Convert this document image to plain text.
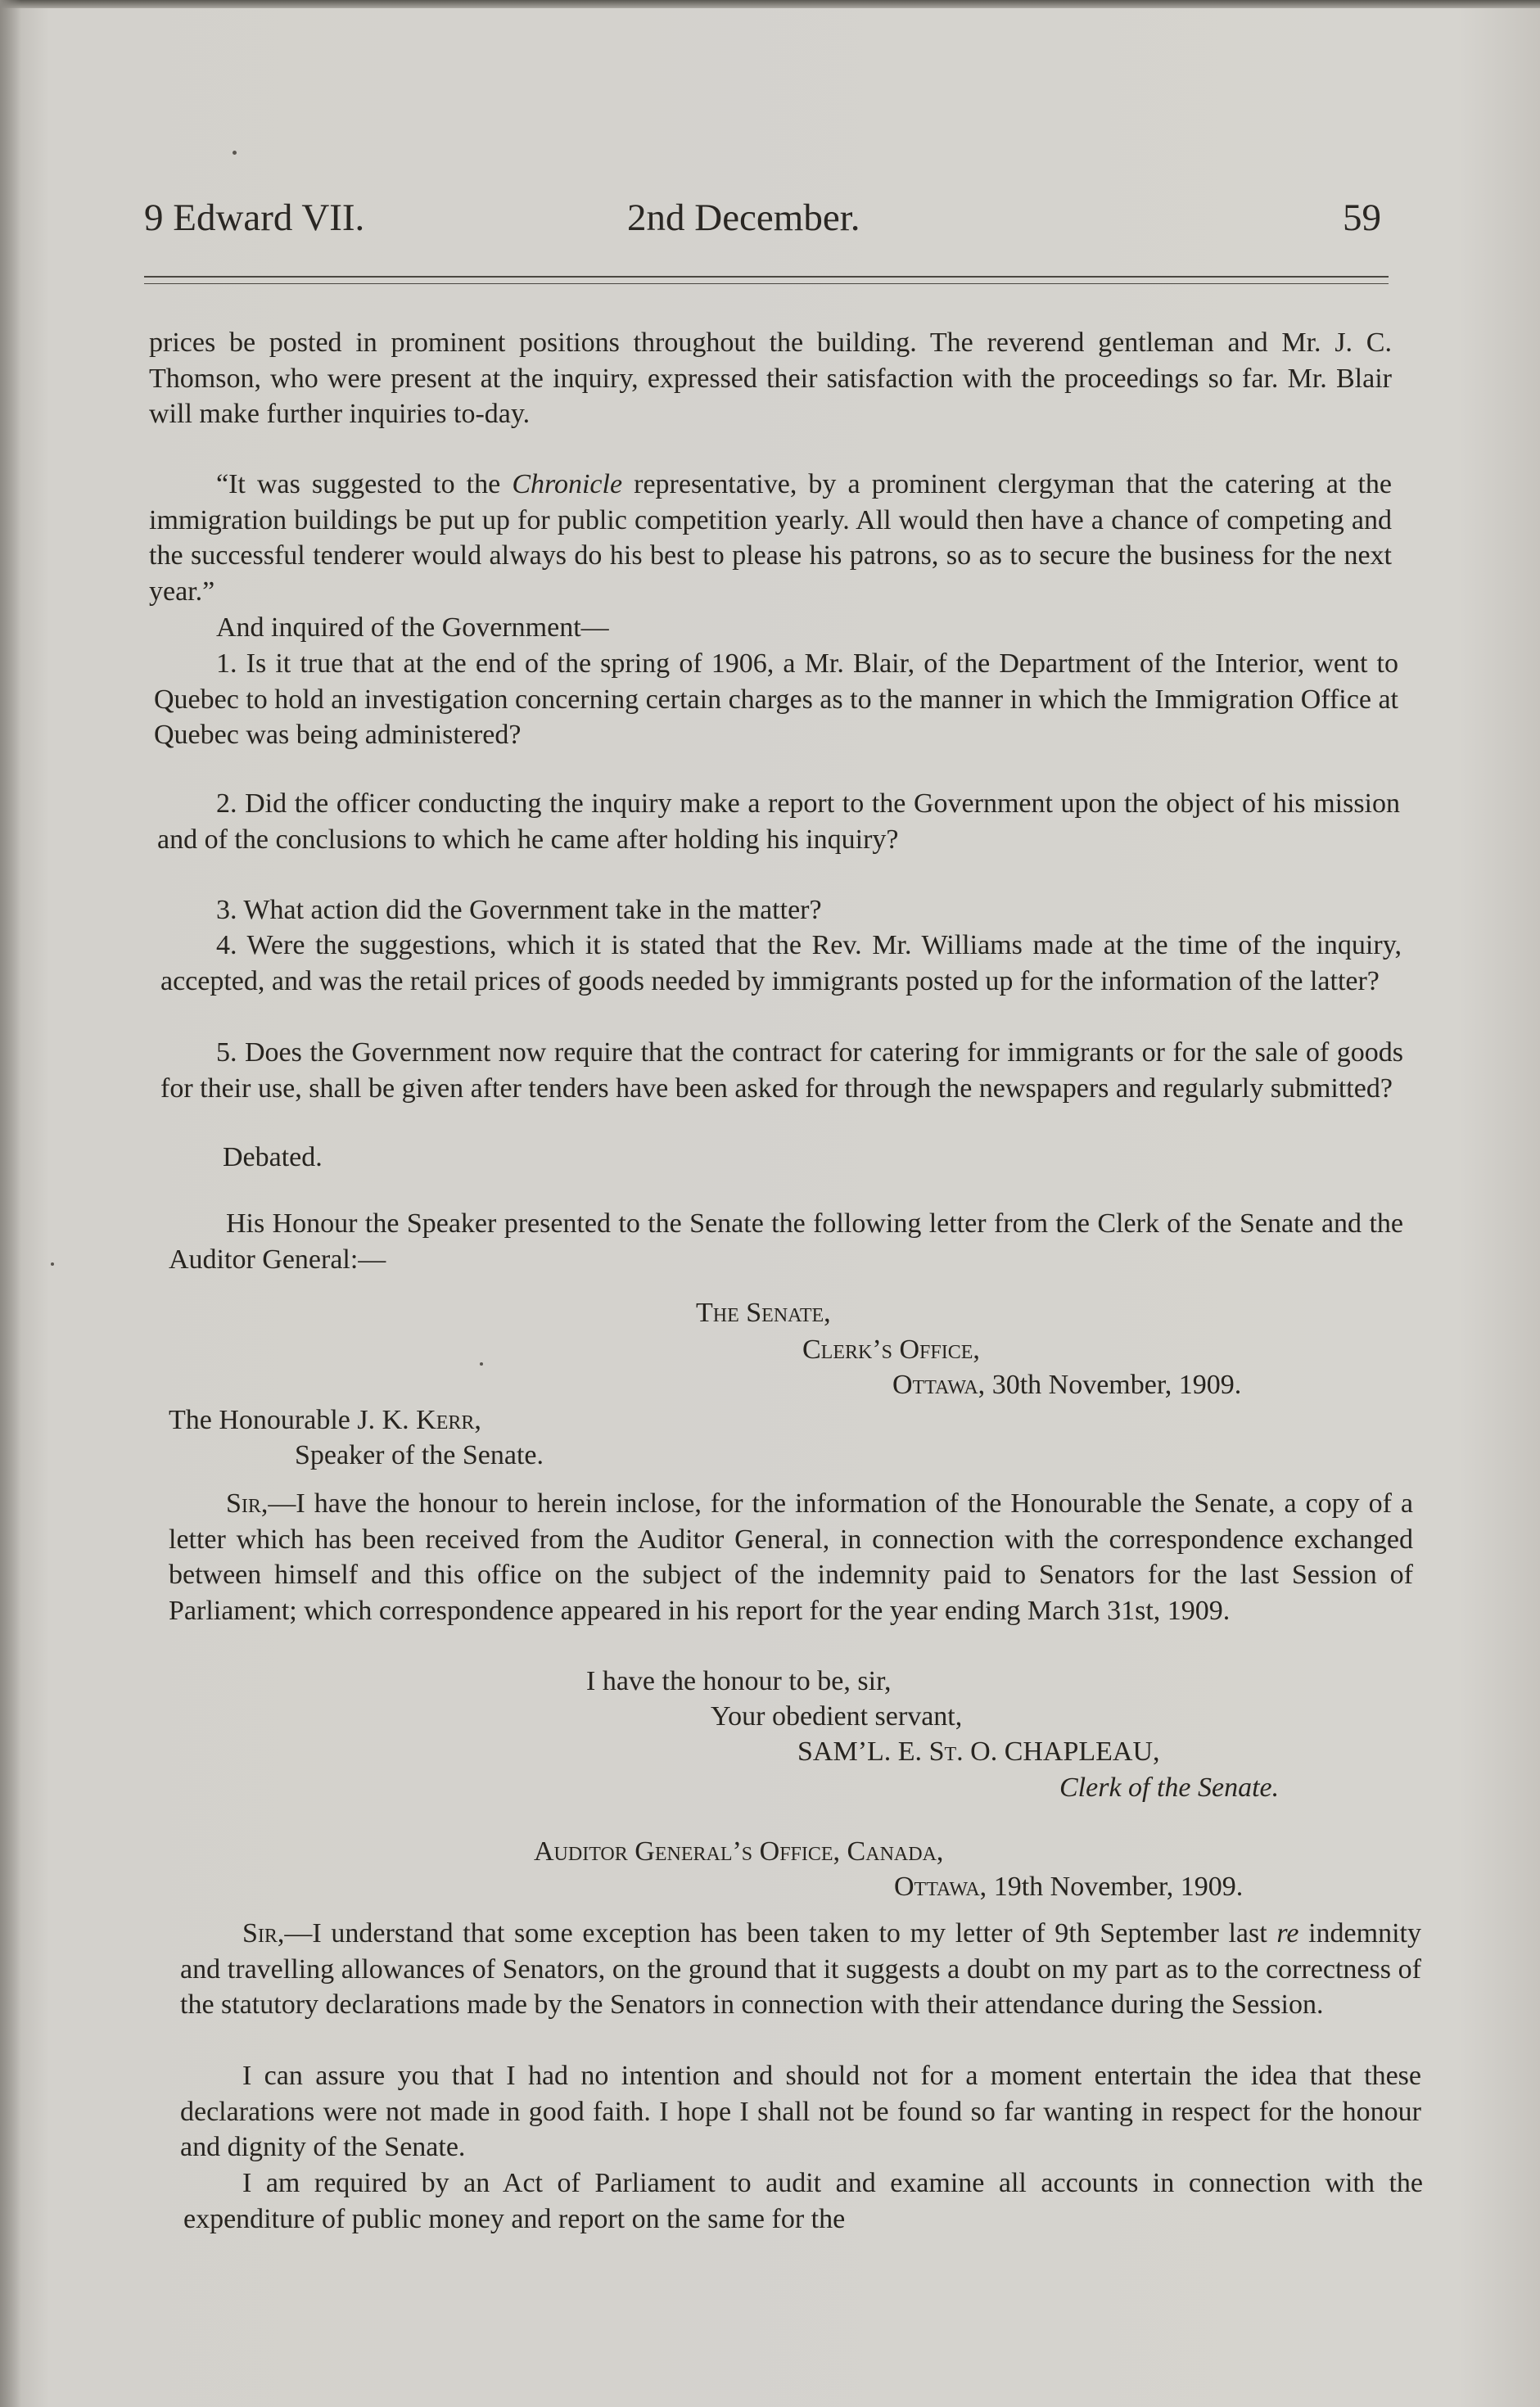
9 Edward VII.	2nd December.	59

prices be posted in prominent positions throughout the building. The reverend gentleman and Mr. J. C. Thomson, who were present at the inquiry, expressed their satisfaction with the proceedings so far. Mr. Blair will make further inquiries to-day.

“It was suggested to the Chronicle representative, by a prominent clergyman that the catering at the immigration buildings be put up for public competition yearly. All would then have a chance of competing and the successful tenderer would always do his best to please his patrons, so as to secure the business for the next year.”

And inquired of the Government—

1. Is it true that at the end of the spring of 1906, a Mr. Blair, of the Department of the Interior, went to Quebec to hold an investigation concerning certain charges as to the manner in which the Immigration Office at Quebec was being administered?

2. Did the officer conducting the inquiry make a report to the Government upon the object of his mission and of the conclusions to which he came after holding his inquiry?

3. What action did the Government take in the matter?

4. Were the suggestions, which it is stated that the Rev. Mr. Williams made at the time of the inquiry, accepted, and was the retail prices of goods needed by immigrants posted up for the information of the latter?

5. Does the Government now require that the contract for catering for immigrants or for the sale of goods for their use, shall be given after tenders have been asked for through the newspapers and regularly submitted?

Debated.

His Honour the Speaker presented to the Senate the following letter from the Clerk of the Senate and the Auditor General:—

The Senate,

Clerk’s Office,

Ottawa, 30th November, 1909.

The Honourable J. K. Kerr,

Speaker of the Senate.

Sir,—I have the honour to herein inclose, for the information of the Honourable the Senate, a copy of a letter which has been received from the Auditor General, in connection with the correspondence exchanged between himself and this office on the subject of the indemnity paid to Senators for the last Session of Parliament; which correspondence appeared in his report for the year ending March 31st, 1909.

I have the honour to be, sir,

Your obedient servant,

SAM’L. E. St. O. CHAPLEAU,

Clerk of the Senate.

Auditor General’s Office, Canada,

Ottawa, 19th November, 1909.

Sir,—I understand that some exception has been taken to my letter of 9th September last re indemnity and travelling allowances of Senators, on the ground that it suggests a doubt on my part as to the correctness of the statutory declarations made by the Senators in connection with their attendance during the Session.

I can assure you that I had no intention and should not for a moment entertain the idea that these declarations were not made in good faith. I hope I shall not be found so far wanting in respect for the honour and dignity of the Senate.

I am required by an Act of Parliament to audit and examine all accounts in connection with the expenditure of public money and report on the same for the
